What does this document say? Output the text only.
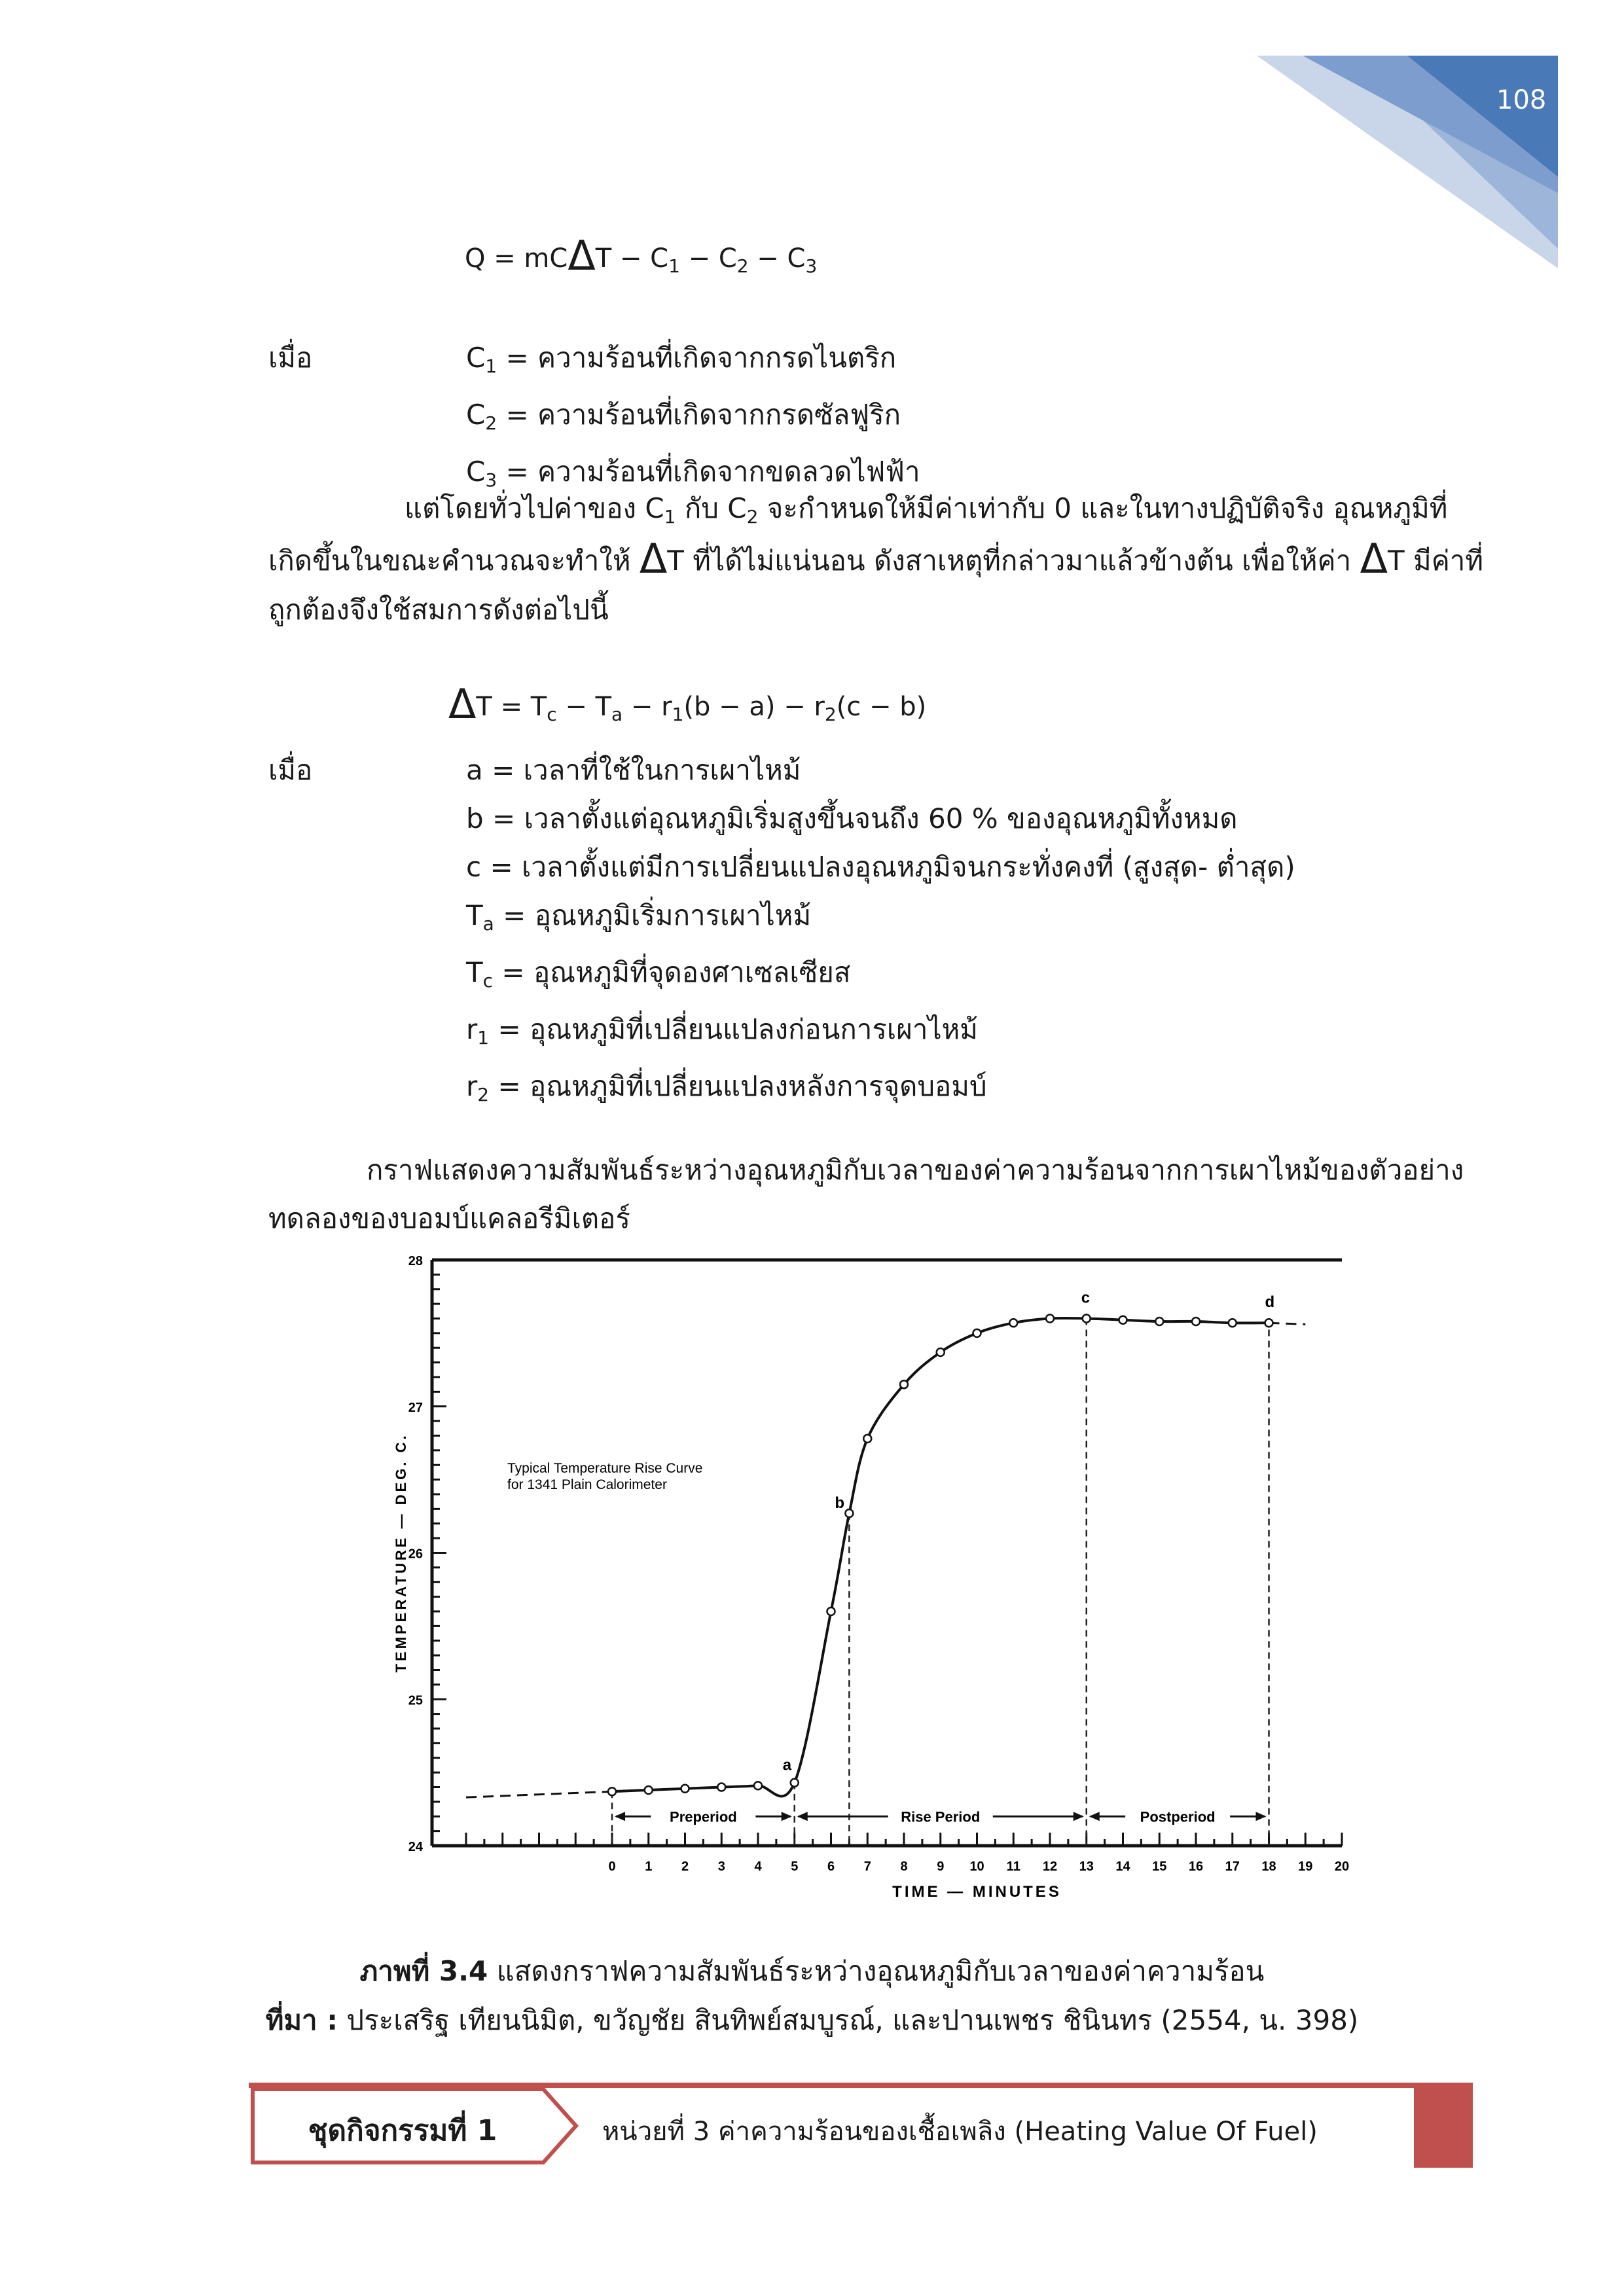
108
$Q = mC\Delta T - C_1 - C_2 - C_3$
เมื่อ	$C_1$ = ความร้อนที่เกิดจากกรดไนตริก
$C_2$ = ความร้อนที่เกิดจากกรดซัลฟูริก
$C_3$ = ความร้อนที่เกิดจากขดลวดไฟฟ้า
แต่โดยทั่วไปค่าของ $C_1$ กับ $C_2$ จะกำหนดให้มีค่าเท่ากับ 0 และในทางปฏิบัติจริง อุณหภูมิที่
เกิดขึ้นในขณะคำนวณจะทำให้ ΔT ที่ได้ไม่แน่นอน ดังสาเหตุที่กล่าวมาแล้วข้างต้น เพื่อให้ค่า ΔT มีค่าที่
ถูกต้องจึงใช้สมการดังต่อไปนี้
$\Delta T = T_c - T_a - r_1(b - a) - r_2(c - b)$
เมื่อ	a = เวลาที่ใช้ในการเผาไหม้
b = เวลาตั้งแต่อุณหภูมิเริ่มสูงขึ้นจนถึง 60 % ของอุณหภูมิทั้งหมด
c = เวลาตั้งแต่มีการเปลี่ยนแปลงอุณหภูมิจนกระทั่งคงที่ (สูงสุด- ต่ำสุด)
$T_a$ = อุณหภูมิเริ่มการเผาไหม้
$T_c$ = อุณหภูมิที่จุดองศาเซลเซียส
$r_1$ = อุณหภูมิที่เปลี่ยนแปลงก่อนการเผาไหม้
$r_2$ = อุณหภูมิที่เปลี่ยนแปลงหลังการจุดบอมบ์
กราฟแสดงความสัมพันธ์ระหว่างอุณหภูมิกับเวลาของค่าความร้อนจากการเผาไหม้ของตัวอย่าง
ทดลองของบอมบ์แคลอรีมิเตอร์
24
25
26
27
28
0 1 2 3 4 5 6 7 8 9 10 11 12 13 14 15 16 17 18 19 20
TIME — MINUTES
TEMPERATURE — DEG. C.	Typical Temperature Rise Curve
for 1341 Plain Calorimeter
Preperiod	Rise Period	Postperiod
a
b
c	d
ภาพที่ 3.4 แสดงกราฟความสัมพันธ์ระหว่างอุณหภูมิกับเวลาของค่าความร้อน
ที่มา : ประเสริฐ เทียนนิมิต, ขวัญชัย สินทิพย์สมบูรณ์, และปานเพชร ชินินทร (2554, น. 398)
ชุดกิจกรรมที่ 1	หน่วยที่ 3 ค่าความร้อนของเชื้อเพลิง (Heating Value Of Fuel)
